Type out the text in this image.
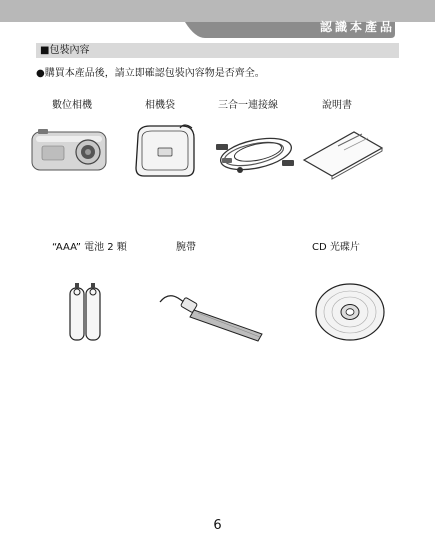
認識本產品
■包裝內容
●購買本產品後，請立即確認包裝內容物是否齊全。
數位相機	相機袋	三合一連接線	說明書
“AAA” 電池 2 顆	腕帶	CD 光碟片
6
